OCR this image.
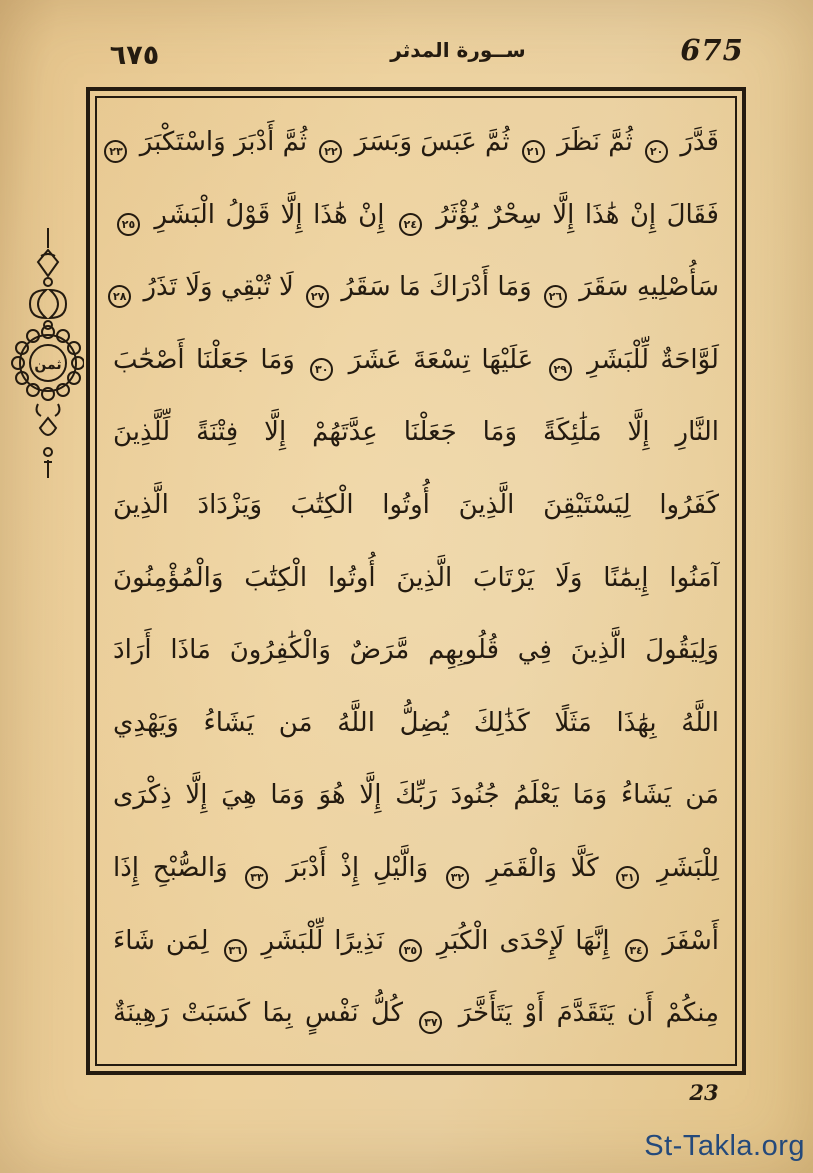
٦٧٥	ســورة المدثر	675
ثمن
قَدَّرَ ٢٠ ثُمَّ نَظَرَ ٢١ ثُمَّ عَبَسَ وَبَسَرَ ٢٢ ثُمَّ أَدْبَرَ وَاسْتَكْبَرَ ٢٣
فَقَالَ إِنْ هَٰذَا إِلَّا سِحْرٌ يُؤْثَرُ ٢٤ إِنْ هَٰذَا إِلَّا قَوْلُ الْبَشَرِ ٢٥
سَأُصْلِيهِ سَقَرَ ٢٦ وَمَا أَدْرَاكَ مَا سَقَرُ ٢٧ لَا تُبْقِي وَلَا تَذَرُ ٢٨
لَوَّاحَةٌ لِّلْبَشَرِ ٢٩ عَلَيْهَا تِسْعَةَ عَشَرَ ٣٠ وَمَا جَعَلْنَا أَصْحَٰبَ
النَّارِ إِلَّا مَلَٰئِكَةً وَمَا جَعَلْنَا عِدَّتَهُمْ إِلَّا فِتْنَةً لِّلَّذِينَ
كَفَرُوا لِيَسْتَيْقِنَ الَّذِينَ أُوتُوا الْكِتَٰبَ وَيَزْدَادَ الَّذِينَ
آمَنُوا إِيمَٰنًا وَلَا يَرْتَابَ الَّذِينَ أُوتُوا الْكِتَٰبَ وَالْمُؤْمِنُونَ
وَلِيَقُولَ الَّذِينَ فِي قُلُوبِهِم مَّرَضٌ وَالْكَٰفِرُونَ مَاذَا أَرَادَ
اللَّهُ بِهَٰذَا مَثَلًا كَذَٰلِكَ يُضِلُّ اللَّهُ مَن يَشَاءُ وَيَهْدِي
مَن يَشَاءُ وَمَا يَعْلَمُ جُنُودَ رَبِّكَ إِلَّا هُوَ وَمَا هِيَ إِلَّا ذِكْرَى
لِلْبَشَرِ ٣١ كَلَّا وَالْقَمَرِ ٣٢ وَالَّيْلِ إِذْ أَدْبَرَ ٣٣ وَالصُّبْحِ إِذَا
أَسْفَرَ ٣٤ إِنَّهَا لَإِحْدَى الْكُبَرِ ٣٥ نَذِيرًا لِّلْبَشَرِ ٣٦ لِمَن شَاءَ
مِنكُمْ أَن يَتَقَدَّمَ أَوْ يَتَأَخَّرَ ٣٧ كُلُّ نَفْسٍ بِمَا كَسَبَتْ رَهِينَةٌ
23
St-Takla.org
